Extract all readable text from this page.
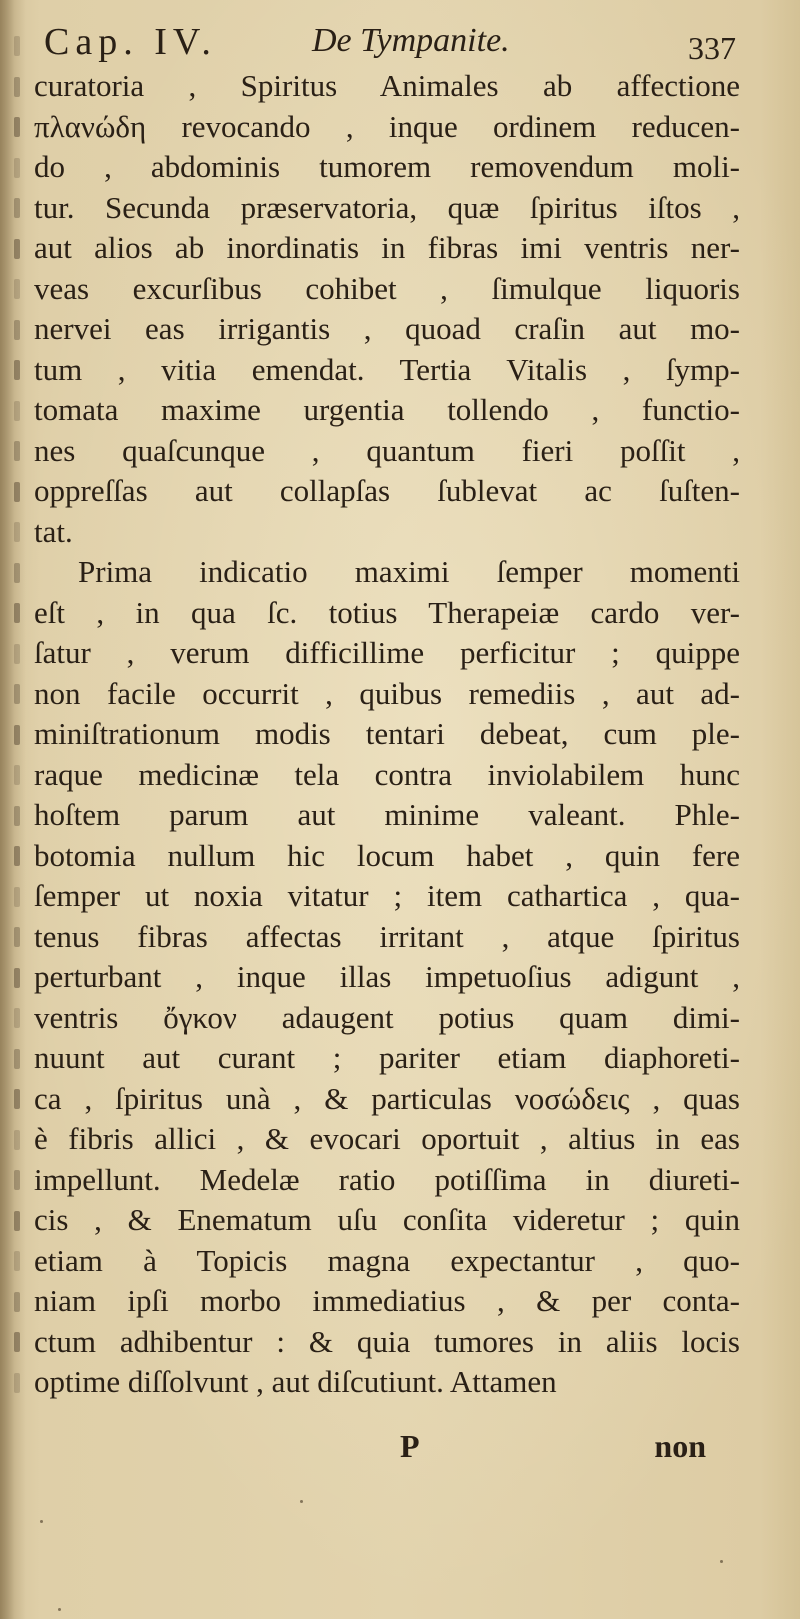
Cap. IV.	De Tympanite.	337
curatoria , Spiritus Animales ab affectione
πλανώδη revocando , inque ordinem reducen-
do , abdominis tumorem removendum moli-
tur. Secunda præservatoria, quæ ſpiritus iſtos ,
aut alios ab inordinatis in fibras imi ventris ner-
veas excurſibus cohibet , ſimulque liquoris
nervei eas irrigantis , quoad craſin aut mo-
tum , vitia emendat. Tertia Vitalis , ſymp-
tomata maxime urgentia tollendo , functio-
nes quaſcunque , quantum fieri poſſit ,
oppreſſas aut collapſas ſublevat ac ſuſten-
tat.
Prima indicatio maximi ſemper momenti
eſt , in qua ſc. totius Therapeiæ cardo ver-
ſatur , verum difficillime perficitur ; quippe
non facile occurrit , quibus remediis , aut ad-
miniſtrationum modis tentari debeat, cum ple-
raque medicinæ tela contra inviolabilem hunc
hoſtem parum aut minime valeant. Phle-
botomia nullum hic locum habet , quin fere
ſemper ut noxia vitatur ; item cathartica , qua-
tenus fibras affectas irritant , atque ſpiritus
perturbant , inque illas impetuoſius adigunt ,
ventris ὄγκον adaugent potius quam dimi-
nuunt aut curant ; pariter etiam diaphoreti-
ca , ſpiritus unà , & particulas νοσώδεις , quas
è fibris allici , & evocari oportuit , altius in eas
impellunt. Medelæ ratio potiſſima in diureti-
cis , & Enematum uſu conſita videretur ; quin
etiam à Topicis magna expectantur , quo-
niam ipſi morbo immediatius , & per conta-
ctum adhibentur : & quia tumores in aliis locis
optime diſſolvunt , aut diſcutiunt. Attamen
P	non
